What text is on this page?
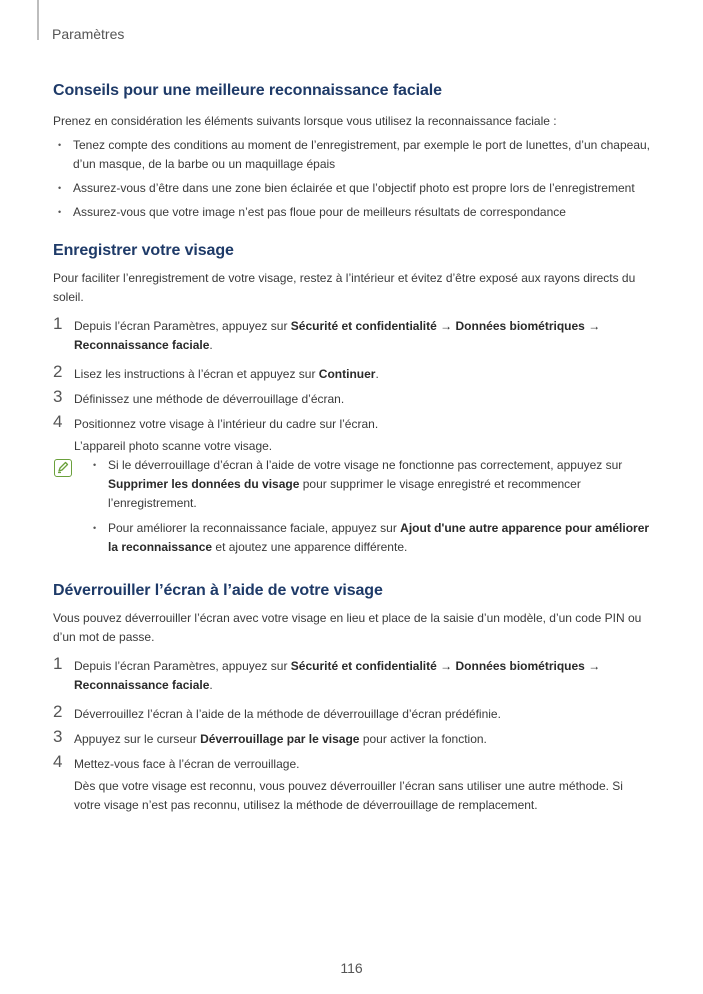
Paramètres
Conseils pour une meilleure reconnaissance faciale

Prenez en considération les éléments suivants lorsque vous utilisez la reconnaissance faciale :

• Tenez compte des conditions au moment de l’enregistrement, par exemple le port de lunettes, d’un chapeau, d’un masque, de la barbe ou un maquillage épais
• Assurez-vous d’être dans une zone bien éclairée et que l’objectif photo est propre lors de l’enregistrement
• Assurez-vous que votre image n’est pas floue pour de meilleurs résultats de correspondance
Enregistrer votre visage

Pour faciliter l’enregistrement de votre visage, restez à l’intérieur et évitez d’être exposé aux rayons directs du soleil.

1 Depuis l’écran Paramètres, appuyez sur Sécurité et confidentialité → Données biométriques → Reconnaissance faciale.
2 Lisez les instructions à l’écran et appuyez sur Continuer.
3 Définissez une méthode de déverrouillage d’écran.
4 Positionnez votre visage à l’intérieur du cadre sur l’écran.
L’appareil photo scanne votre visage.
• Si le déverrouillage d’écran à l’aide de votre visage ne fonctionne pas correctement, appuyez sur Supprimer les données du visage pour supprimer le visage enregistré et recommencer l’enregistrement.
• Pour améliorer la reconnaissance faciale, appuyez sur Ajout d'une autre apparence pour améliorer la reconnaissance et ajoutez une apparence différente.
Déverrouiller l’écran à l’aide de votre visage

Vous pouvez déverrouiller l’écran avec votre visage en lieu et place de la saisie d’un modèle, d’un code PIN ou d’un mot de passe.

1 Depuis l’écran Paramètres, appuyez sur Sécurité et confidentialité → Données biométriques → Reconnaissance faciale.
2 Déverrouillez l’écran à l’aide de la méthode de déverrouillage d’écran prédéfinie.
3 Appuyez sur le curseur Déverrouillage par le visage pour activer la fonction.
4 Mettez-vous face à l’écran de verrouillage.
Dès que votre visage est reconnu, vous pouvez déverrouiller l’écran sans utiliser une autre méthode. Si votre visage n’est pas reconnu, utilisez la méthode de déverrouillage de remplacement.
116
